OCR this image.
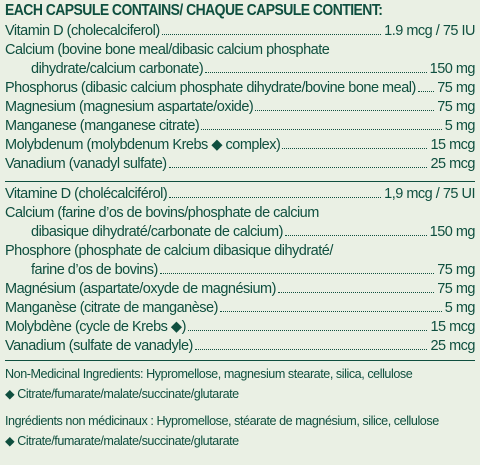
EACH CAPSULE CONTAINS/ CHAQUE CAPSULE CONTIENT:
Vitamin D (cholecalciferol)	1.9 mcg / 75 IU
Calcium (bovine bone meal/dibasic calcium phosphate
dihydrate/calcium carbonate)	150 mg
Phosphorus (dibasic calcium phosphate dihydrate/bovine bone meal) 75 mg
Magnesium (magnesium aspartate/oxide)	75 mg
Manganese (manganese citrate)	5 mg
Molybdenum (molybdenum Krebs ◆ complex)	15 mcg
Vanadium (vanadyl sulfate)	25 mcg
Vitamine D (cholécalciférol)	1,9 mcg / 75 UI
Calcium (farine d’os de bovins/phosphate de calcium
dibasique dihydraté/carbonate de calcium)	150 mg
Phosphore (phosphate de calcium dibasique dihydraté/
farine d’os de bovins)	75 mg
Magnésium (aspartate/oxyde de magnésium)	75 mg
Manganèse (citrate de manganèse)	5 mg
Molybdène (cycle de Krebs ◆)	15 mcg
Vanadium (sulfate de vanadyle)	25 mcg
Non-Medicinal Ingredients: Hypromellose, magnesium stearate, silica, cellulose
◆ Citrate/fumarate/malate/succinate/glutarate
Ingrédients non médicinaux : Hypromellose, stéarate de magnésium, silice, cellulose
◆ Citrate/fumarate/malate/succinate/glutarate
